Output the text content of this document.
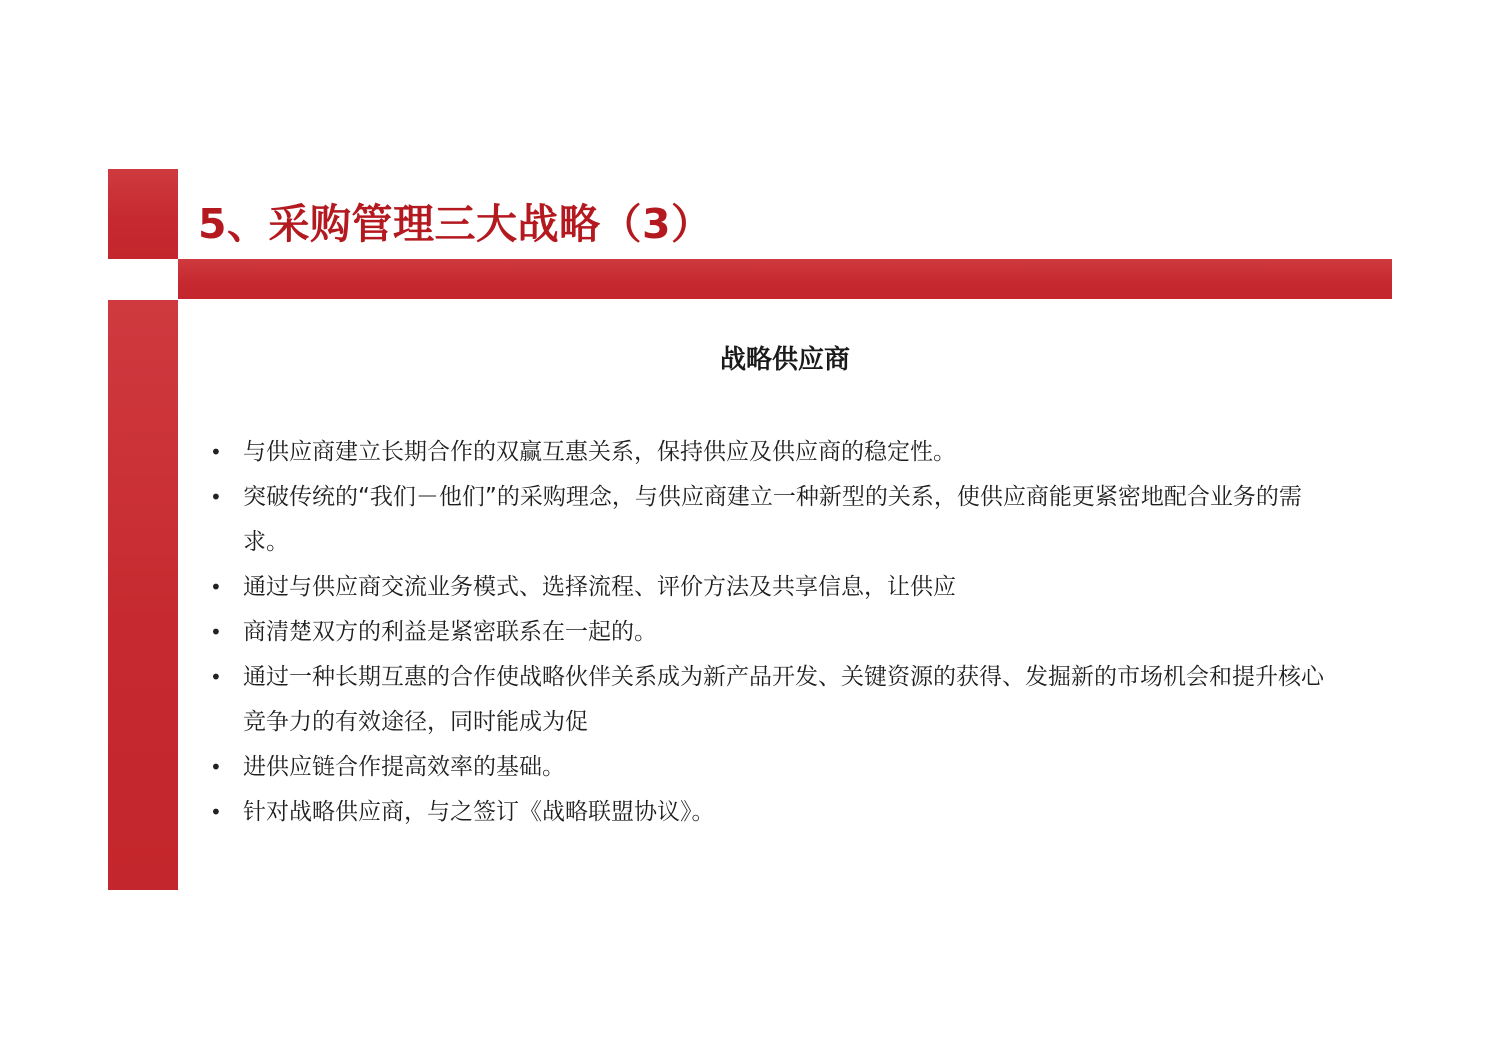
5、采购管理三大战略（3）
战略供应商
• 与供应商建立长期合作的双赢互惠关系，保持供应及供应商的稳定性。
• 突破传统的“我们－他们”的采购理念，与供应商建立一种新型的关系，使供应商能更紧密地配合业务的需求。
• 通过与供应商交流业务模式、选择流程、评价方法及共享信息，让供应
• 商清楚双方的利益是紧密联系在一起的。
• 通过一种长期互惠的合作使战略伙伴关系成为新产品开发、关键资源的获得、发掘新的市场机会和提升核心竞争力的有效途径，同时能成为促
• 进供应链合作提高效率的基础。
• 针对战略供应商，与之签订《战略联盟协议》。
